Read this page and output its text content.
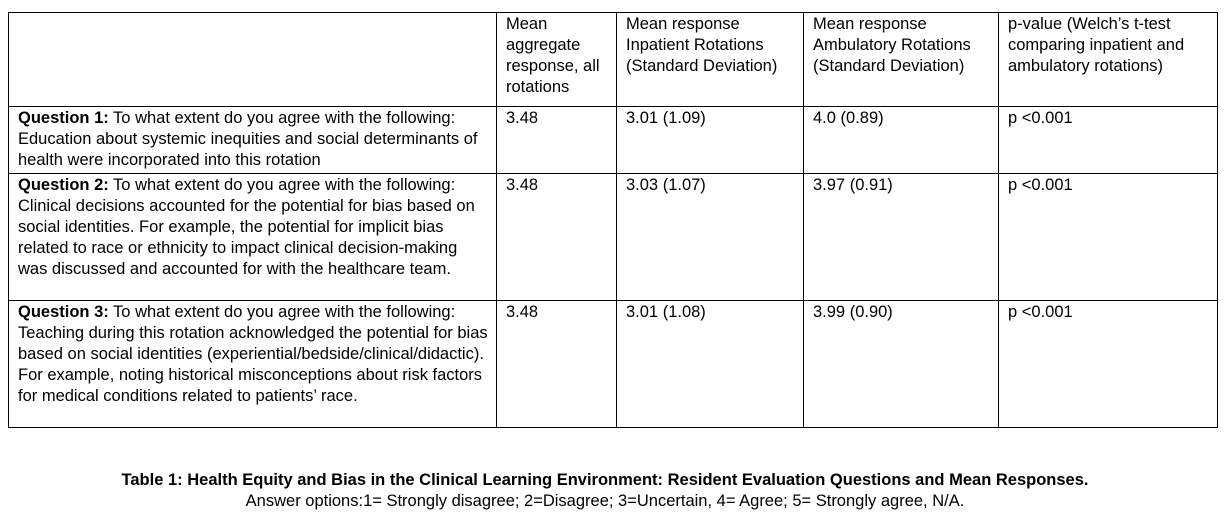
	Mean aggregate response, all rotations	Mean response Inpatient Rotations (Standard Deviation)	Mean response Ambulatory Rotations (Standard Deviation)	p-value (Welch’s t-test comparing inpatient and ambulatory rotations)
Question 1: To what extent do you agree with the following: Education about systemic inequities and social determinants of health were incorporated into this rotation	3.48	3.01 (1.09)	4.0 (0.89)	p <0.001
Question 2: To what extent do you agree with the following: Clinical decisions accounted for the potential for bias based on social identities. For example, the potential for implicit bias related to race or ethnicity to impact clinical decision-making was discussed and accounted for with the healthcare team.	3.48	3.03 (1.07)	3.97 (0.91)	p <0.001
Question 3: To what extent do you agree with the following: Teaching during this rotation acknowledged the potential for bias based on social identities (experiential/bedside/clinical/didactic). For example, noting historical misconceptions about risk factors for medical conditions related to patients’ race.	3.48	3.01 (1.08)	3.99 (0.90)	p <0.001
Table 1: Health Equity and Bias in the Clinical Learning Environment: Resident Evaluation Questions and Mean Responses.
Answer options:1= Strongly disagree; 2=Disagree; 3=Uncertain, 4= Agree; 5= Strongly agree, N/A.
